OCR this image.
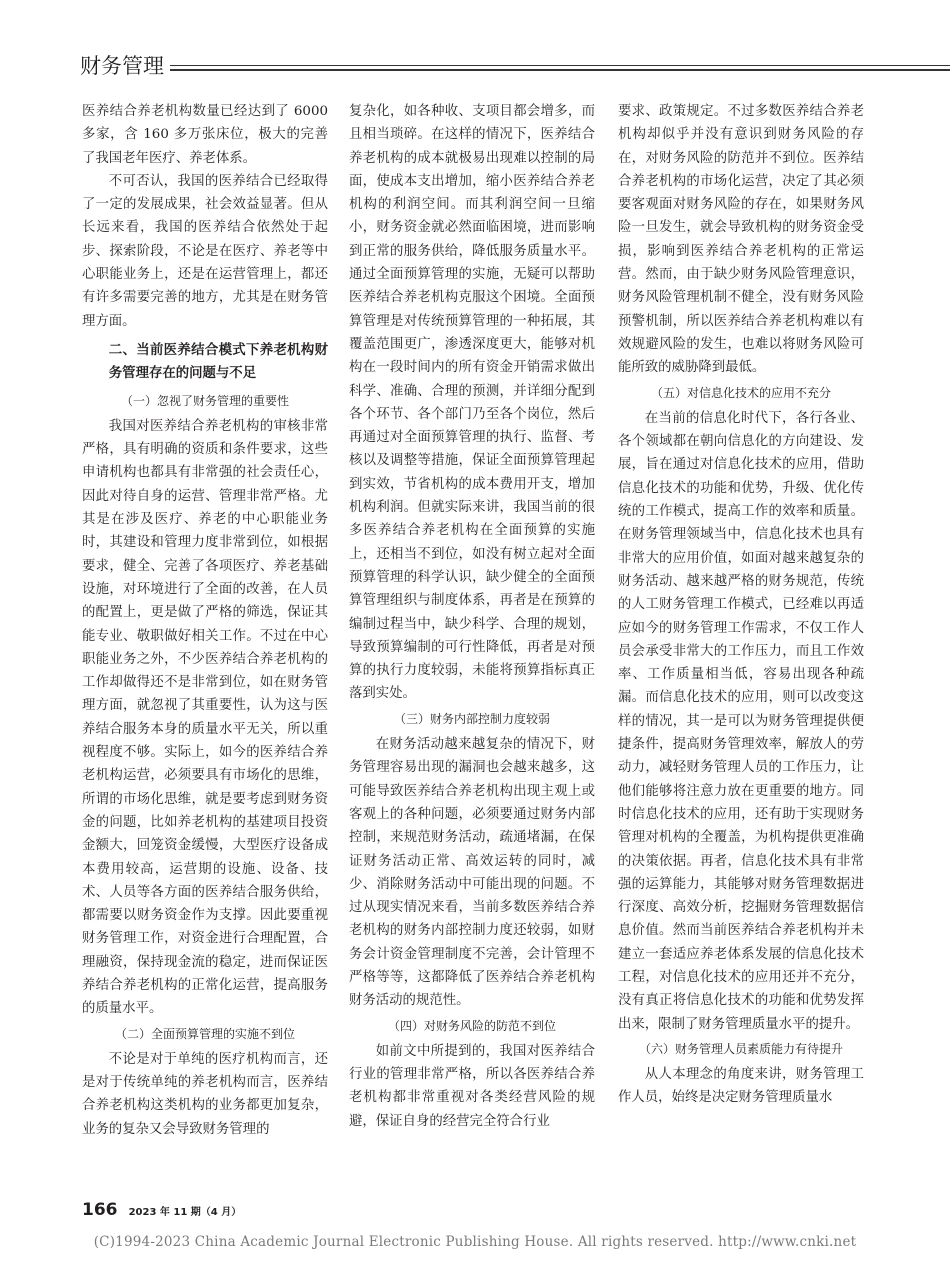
财务管理

医养结合养老机构数量已经达到了 6000 多家，含 160 多万张床位，极大的完善了我国老年医疗、养老体系。

不可否认，我国的医养结合已经取得了一定的发展成果，社会效益显著。但从长远来看，我国的医养结合依然处于起步、探索阶段，不论是在医疗、养老等中心职能业务上，还是在运营管理上，都还有许多需要完善的地方，尤其是在财务管理方面。

二、当前医养结合模式下养老机构财务管理存在的问题与不足

（一）忽视了财务管理的重要性

我国对医养结合养老机构的审核非常严格，具有明确的资质和条件要求，这些申请机构也都具有非常强的社会责任心，因此对待自身的运营、管理非常严格。尤其是在涉及医疗、养老的中心职能业务时，其建设和管理力度非常到位，如根据要求，健全、完善了各项医疗、养老基础设施，对环境进行了全面的改善，在人员的配置上，更是做了严格的筛选，保证其能专业、敬职做好相关工作。不过在中心职能业务之外，不少医养结合养老机构的工作却做得还不是非常到位，如在财务管理方面，就忽视了其重要性，认为这与医养结合服务本身的质量水平无关，所以重视程度不够。实际上，如今的医养结合养老机构运营，必须要具有市场化的思维，所谓的市场化思维，就是要考虑到财务资金的问题，比如养老机构的基建项目投资金额大，回笼资金缓慢，大型医疗设备成本费用较高，运营期的设施、设备、技术、人员等各方面的医养结合服务供给，都需要以财务资金作为支撑。因此要重视财务管理工作，对资金进行合理配置，合理融资，保持现金流的稳定，进而保证医养结合养老机构的正常化运营，提高服务的质量水平。

（二）全面预算管理的实施不到位

不论是对于单纯的医疗机构而言，还是对于传统单纯的养老机构而言，医养结合养老机构这类机构的业务都更加复杂，业务的复杂又会导致财务管理的

复杂化，如各种收、支项目都会增多，而且相当琐碎。在这样的情况下，医养结合养老机构的成本就极易出现难以控制的局面，使成本支出增加，缩小医养结合养老机构的利润空间。而其利润空间一旦缩小，财务资金就必然面临困境，进而影响到正常的服务供给，降低服务质量水平。通过全面预算管理的实施，无疑可以帮助医养结合养老机构克服这个困境。全面预算管理是对传统预算管理的一种拓展，其覆盖范围更广，渗透深度更大，能够对机构在一段时间内的所有资金开销需求做出科学、准确、合理的预测，并详细分配到各个环节、各个部门乃至各个岗位，然后再通过对全面预算管理的执行、监督、考核以及调整等措施，保证全面预算管理起到实效，节省机构的成本费用开支，增加机构利润。但就实际来讲，我国当前的很多医养结合养老机构在全面预算的实施上，还相当不到位，如没有树立起对全面预算管理的科学认识，缺少健全的全面预算管理组织与制度体系，再者是在预算的编制过程当中，缺少科学、合理的规划，导致预算编制的可行性降低，再者是对预算的执行力度较弱，未能将预算指标真正落到实处。

（三）财务内部控制力度较弱

在财务活动越来越复杂的情况下，财务管理容易出现的漏洞也会越来越多，这可能导致医养结合养老机构出现主观上或客观上的各种问题，必须要通过财务内部控制，来规范财务活动，疏通堵漏，在保证财务活动正常、高效运转的同时，减少、消除财务活动中可能出现的问题。不过从现实情况来看，当前多数医养结合养老机构的财务内部控制力度还较弱，如财务会计资金管理制度不完善，会计管理不严格等等，这都降低了医养结合养老机构财务活动的规范性。

（四）对财务风险的防范不到位

如前文中所提到的，我国对医养结合行业的管理非常严格，所以各医养结合养老机构都非常重视对各类经营风险的规避，保证自身的经营完全符合行业

要求、政策规定。不过多数医养结合养老机构却似乎并没有意识到财务风险的存在，对财务风险的防范并不到位。医养结合养老机构的市场化运营，决定了其必须要客观面对财务风险的存在，如果财务风险一旦发生，就会导致机构的财务资金受损，影响到医养结合养老机构的正常运营。然而，由于缺少财务风险管理意识，财务风险管理机制不健全，没有财务风险预警机制，所以医养结合养老机构难以有效规避风险的发生，也难以将财务风险可能所致的威胁降到最低。

（五）对信息化技术的应用不充分

在当前的信息化时代下，各行各业、各个领域都在朝向信息化的方向建设、发展，旨在通过对信息化技术的应用，借助信息化技术的功能和优势，升级、优化传统的工作模式，提高工作的效率和质量。在财务管理领域当中，信息化技术也具有非常大的应用价值，如面对越来越复杂的财务活动、越来越严格的财务规范，传统的人工财务管理工作模式，已经难以再适应如今的财务管理工作需求，不仅工作人员会承受非常大的工作压力，而且工作效率、工作质量相当低，容易出现各种疏漏。而信息化技术的应用，则可以改变这样的情况，其一是可以为财务管理提供便捷条件，提高财务管理效率，解放人的劳动力，减轻财务管理人员的工作压力，让他们能够将注意力放在更重要的地方。同时信息化技术的应用，还有助于实现财务管理对机构的全覆盖，为机构提供更准确的决策依据。再者，信息化技术具有非常强的运算能力，其能够对财务管理数据进行深度、高效分析，挖掘财务管理数据信息价值。然而当前医养结合养老机构并未建立一套适应养老体系发展的信息化技术工程，对信息化技术的应用还并不充分，没有真正将信息化技术的功能和优势发挥出来，限制了财务管理质量水平的提升。

（六）财务管理人员素质能力有待提升

从人本理念的角度来讲，财务管理工作人员，始终是决定财务管理质量水

166 2023 年 11 期（4 月）
(C)1994-2023 China Academic Journal Electronic Publishing House. All rights reserved. http://www.cnki.net
